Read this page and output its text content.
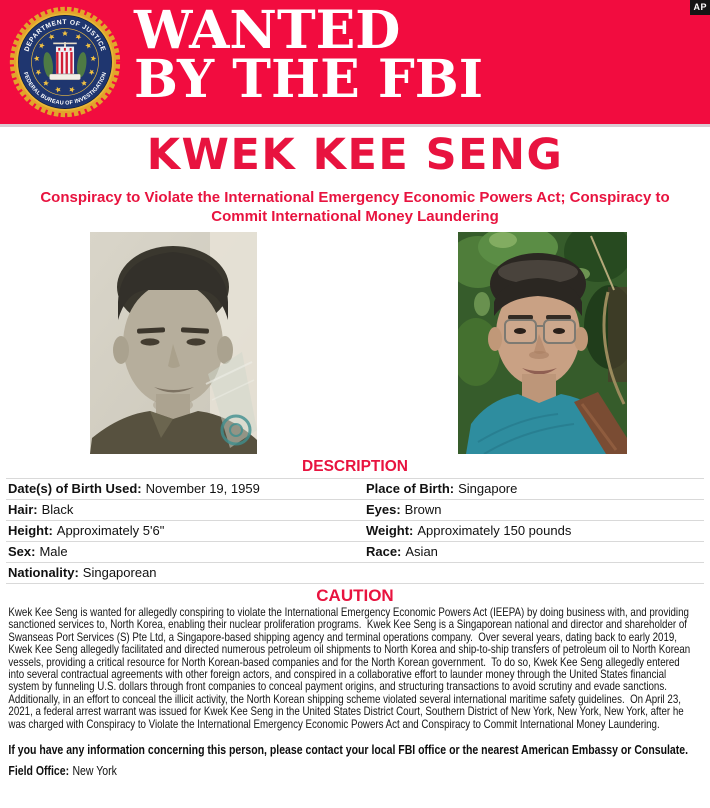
AP
DEPARTMENT OF JUSTICE
FEDERAL BUREAU OF INVESTIGATION
WANTED
BY THE FBI
KWEK KEE SENG
Conspiracy to Violate the International Emergency Economic Powers Act; Conspiracy to Commit International Money Laundering
DESCRIPTION
Date(s) of Birth Used: November 19, 1959	Place of Birth: Singapore
Hair: Black	Eyes: Brown
Height: Approximately 5'6"	Weight: Approximately 150 pounds
Sex: Male	Race: Asian
Nationality: Singaporean	
CAUTION

Kwek Kee Seng is wanted for allegedly conspiring to violate the International Emergency Economic Powers Act (IEEPA) by doing business with, and providing sanctioned services to, North Korea, enabling their nuclear proliferation programs.  Kwek Kee Seng is a Singaporean national and director and shareholder of Swanseas Port Services (S) Pte Ltd, a Singapore-based shipping agency and terminal operations company.  Over several years, dating back to early 2019, Kwek Kee Seng allegedly facilitated and directed numerous petroleum oil shipments to North Korea and ship-to-ship transfers of petroleum oil to North Korean vessels, providing a critical resource for North Korean-based companies and for the North Korean government.  To do so, Kwek Kee Seng allegedly entered into several contractual agreements with other foreign actors, and conspired in a collaborative effort to launder money through the United States financial system by funneling U.S. dollars through front companies to conceal payment origins, and structuring transactions to avoid scrutiny and evade sanctions.  Additionally, in an effort to conceal the illicit activity, the North Korean shipping scheme violated several international maritime safety guidelines.  On April 23, 2021, a federal arrest warrant was issued for Kwek Kee Seng in the United States District Court, Southern District of New York, New York, New York, after he was charged with Conspiracy to Violate the International Emergency Economic Powers Act and Conspiracy to Commit International Money Laundering.

If you have any information concerning this person, please contact your local FBI office or the nearest American Embassy or Consulate.

Field Office: New York
